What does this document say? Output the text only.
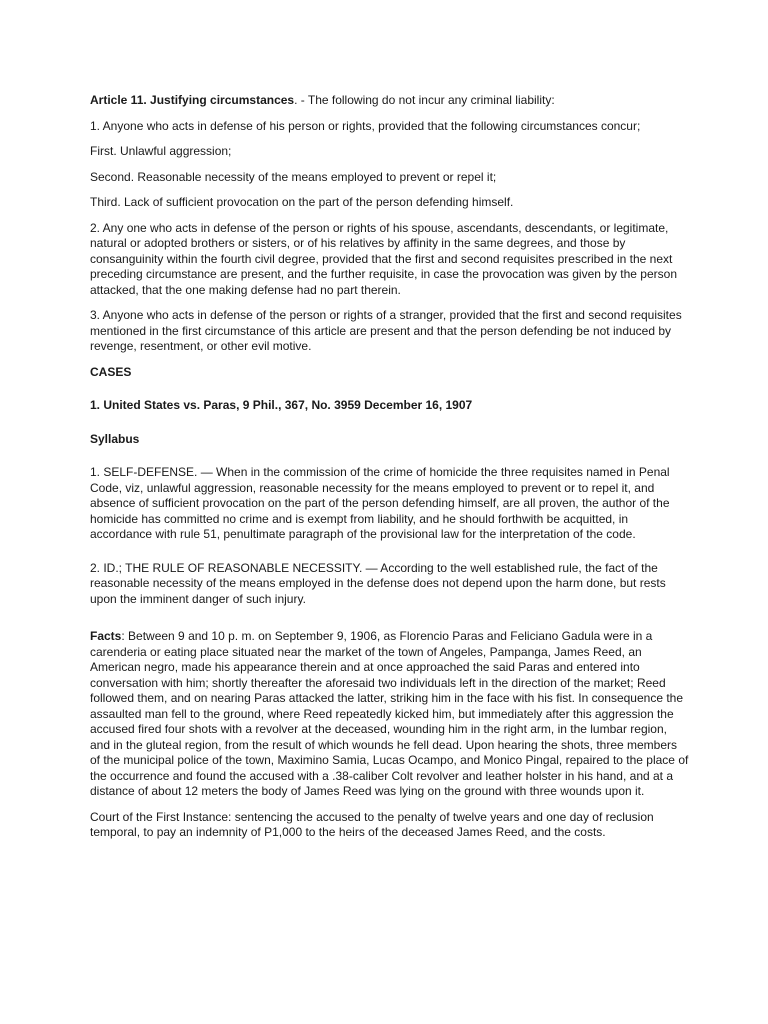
Article 11. Justifying circumstances. - The following do not incur any criminal liability:

1. Anyone who acts in defense of his person or rights, provided that the following circumstances concur;

First. Unlawful aggression;

Second. Reasonable necessity of the means employed to prevent or repel it;

Third. Lack of sufficient provocation on the part of the person defending himself.

2. Any one who acts in defense of the person or rights of his spouse, ascendants, descendants, or legitimate, natural or adopted brothers or sisters, or of his relatives by affinity in the same degrees, and those by consanguinity within the fourth civil degree, provided that the first and second requisites prescribed in the next preceding circumstance are present, and the further requisite, in case the provocation was given by the person attacked, that the one making defense had no part therein.

3. Anyone who acts in defense of the person or rights of a stranger, provided that the first and second requisites mentioned in the first circumstance of this article are present and that the person defending be not induced by revenge, resentment, or other evil motive.

CASES

1. United States vs. Paras, 9 Phil., 367, No. 3959 December 16, 1907

Syllabus

1. SELF-DEFENSE. — When in the commission of the crime of homicide the three requisites named in Penal Code, viz, unlawful aggression, reasonable necessity for the means employed to prevent or to repel it, and absence of sufficient provocation on the part of the person defending himself, are all proven, the author of the homicide has committed no crime and is exempt from liability, and he should forthwith be acquitted, in accordance with rule 51, penultimate paragraph of the provisional law for the interpretation of the code.

2. ID.; THE RULE OF REASONABLE NECESSITY. — According to the well established rule, the fact of the reasonable necessity of the means employed in the defense does not depend upon the harm done, but rests upon the imminent danger of such injury.

Facts: Between 9 and 10 p. m. on September 9, 1906, as Florencio Paras and Feliciano Gadula were in a carenderia or eating place situated near the market of the town of Angeles, Pampanga, James Reed, an American negro, made his appearance therein and at once approached the said Paras and entered into conversation with him; shortly thereafter the aforesaid two individuals left in the direction of the market; Reed followed them, and on nearing Paras attacked the latter, striking him in the face with his fist. In consequence the assaulted man fell to the ground, where Reed repeatedly kicked him, but immediately after this aggression the accused fired four shots with a revolver at the deceased, wounding him in the right arm, in the lumbar region, and in the gluteal region, from the result of which wounds he fell dead. Upon hearing the shots, three members of the municipal police of the town, Maximino Samia, Lucas Ocampo, and Monico Pingal, repaired to the place of the occurrence and found the accused with a .38-caliber Colt revolver and leather holster in his hand, and at a distance of about 12 meters the body of James Reed was lying on the ground with three wounds upon it.

Court of the First Instance: sentencing the accused to the penalty of twelve years and one day of reclusion temporal, to pay an indemnity of P1,000 to the heirs of the deceased James Reed, and the costs.
